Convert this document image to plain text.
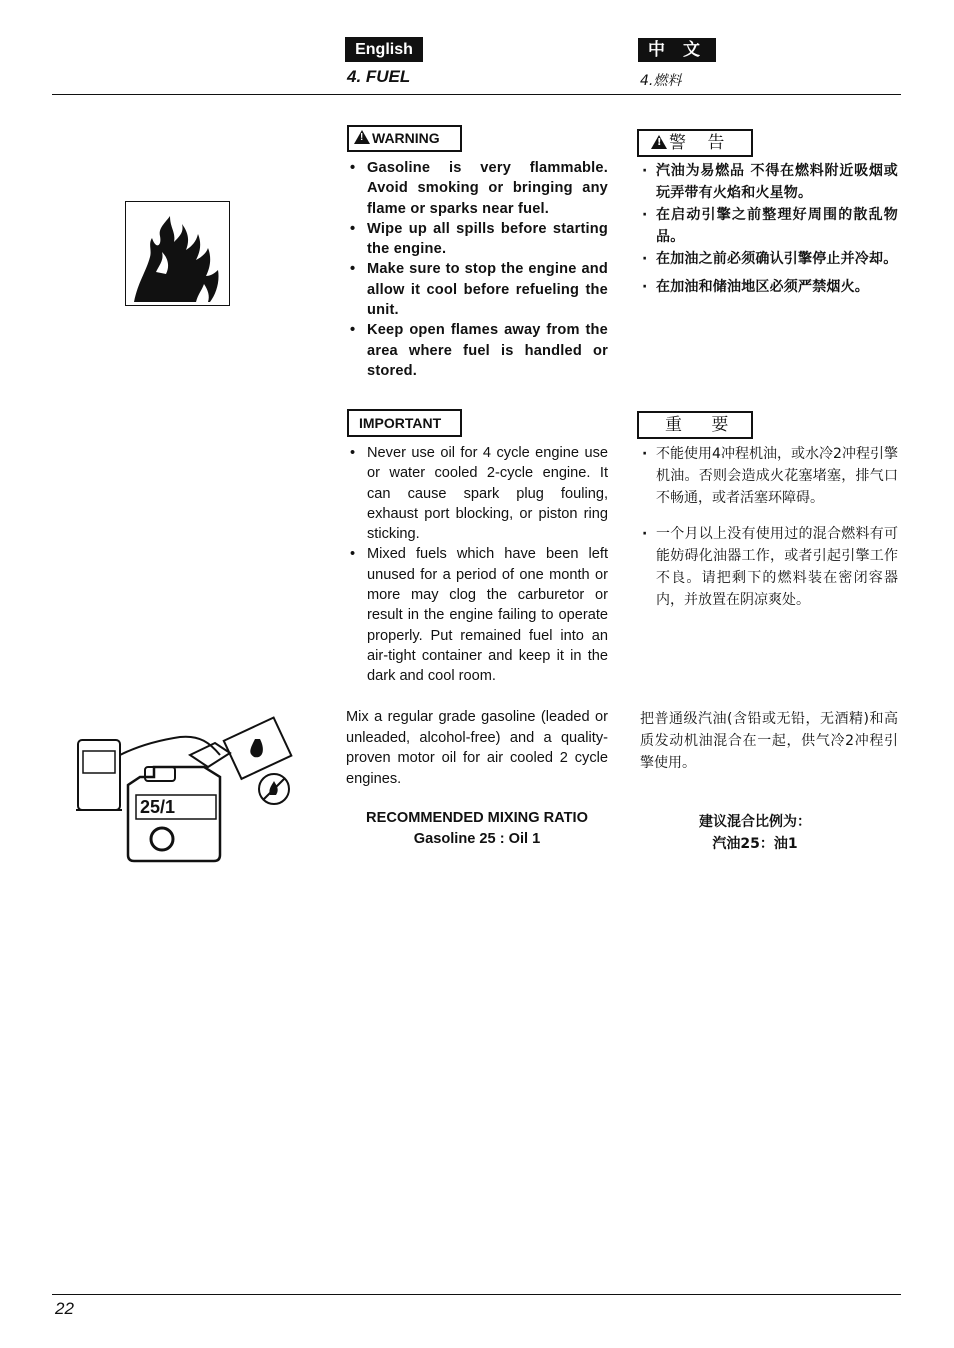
English	中 文
4. FUEL	4.燃料
!WARNING
• Gasoline is very flammable. Avoid smoking or bringing any flame or sparks near fuel.
• Wipe up all spills before starting the engine.
• Make sure to stop the engine and allow it cool before refueling the unit.
• Keep open flames away from the area where fuel is handled or stored.
!警 告
· 汽油为易燃品 不得在燃料附近吸烟或玩弄带有火焰和火星物。
· 在启动引擎之前整理好周围的散乱物品。
· 在加油之前必须确认引擎停止并冷却。
· 在加油和储油地区必须严禁烟火。
IMPORTANT
• Never use oil for 4 cycle engine use or water cooled 2-cycle engine. It can cause spark plug fouling, exhaust port blocking, or piston ring sticking.
• Mixed fuels which have been left unused for a period of one month or more may clog the carburetor or result in the engine failing to operate properly. Put remained fuel into an air-tight container and keep it in the dark and cool room.
重 要
· 不能使用4冲程机油，或水冷2冲程引擎机油。否则会造成火花塞堵塞，排气口不畅通，或者活塞环障碍。
· 一个月以上没有使用过的混合燃料有可能妨碍化油器工作，或者引起引擎工作不良。请把剩下的燃料装在密闭容器内，并放置在阴凉爽处。
25/1
Mix a regular grade gasoline (leaded or unleaded, alcohol-free) and a quality-proven motor oil for air cooled 2 cycle engines.
把普通级汽油(含铅或无铅，无酒精)和高质发动机油混合在一起，供气冷2冲程引擎使用。
RECOMMENDED MIXING RATIO
Gasoline 25 : Oil 1
建议混合比例为：
汽油25：油1
22
